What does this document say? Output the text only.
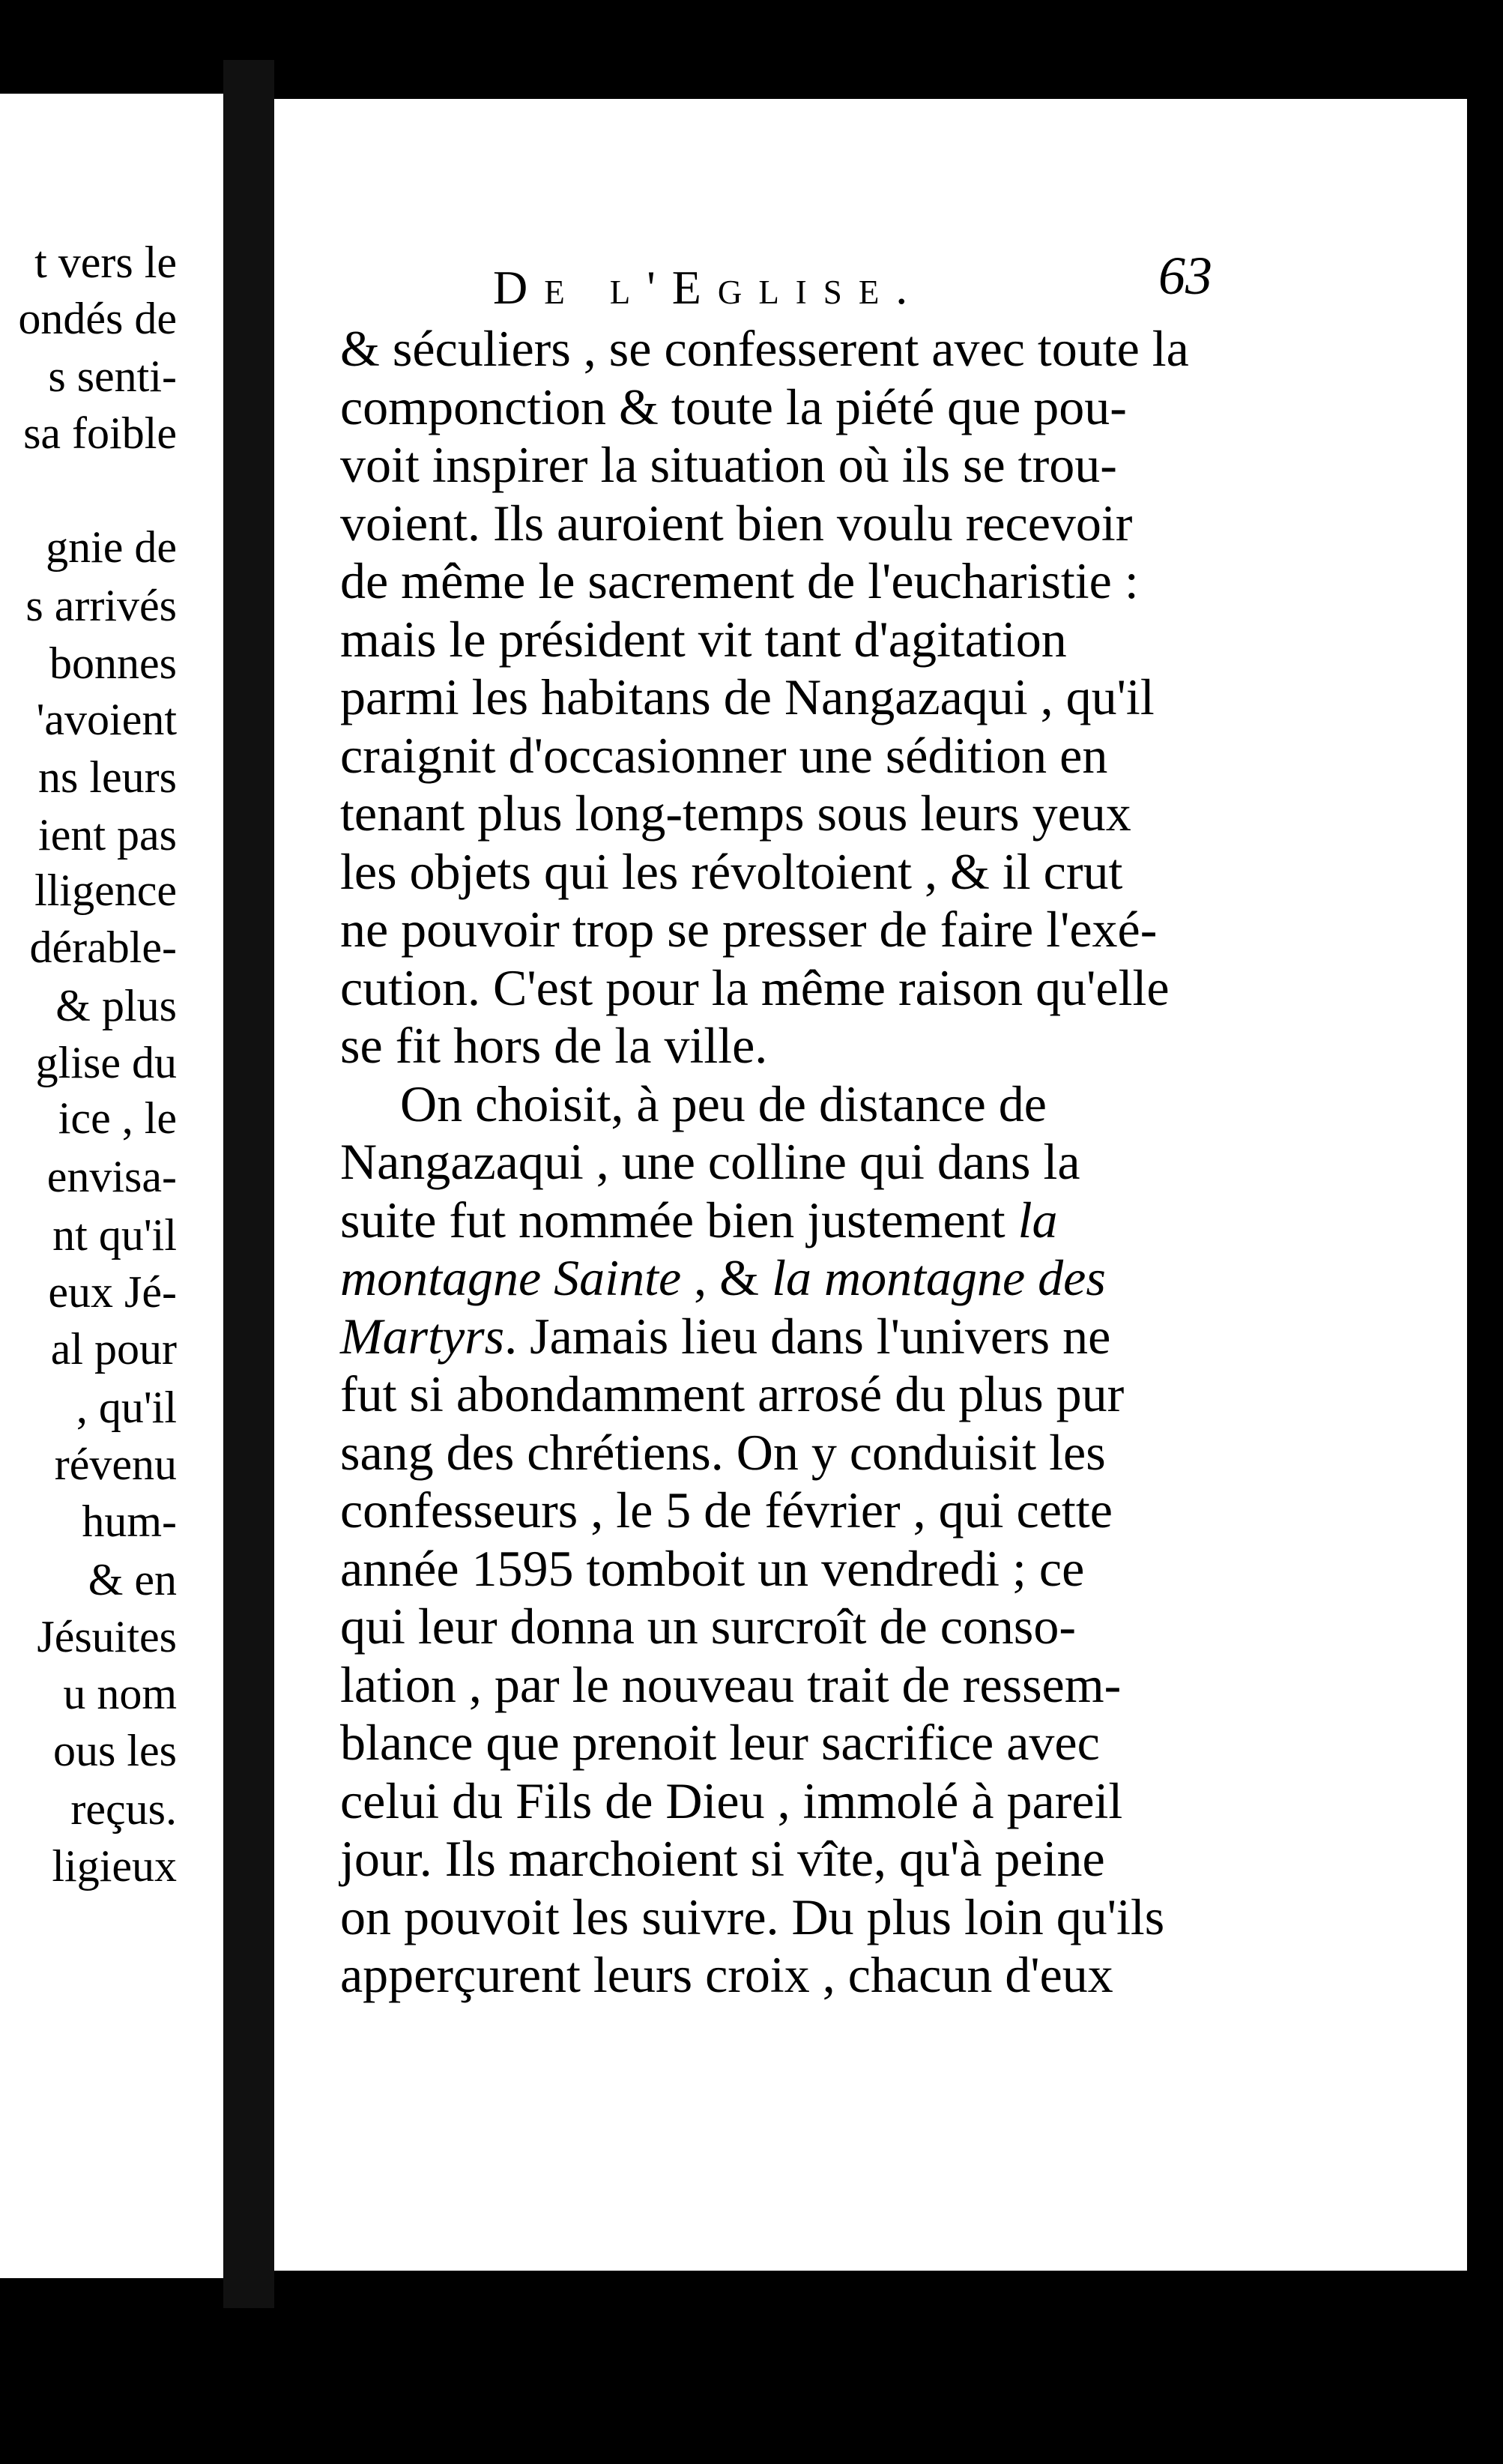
t vers le
ondés de
s senti-
sa foible
gnie de
s arrivés
bonnes
'avoient
ns leurs
ient pas
lligence
dérable-
& plus
glise du
ice , le
envisa-
nt qu'il
eux Jé-
al pour
, qu'il
révenu
hum-
& en
Jésuites
u nom
ous les
reçus.
ligieux
De l'Eglise.	63
& séculiers , se confesserent avec toute la
componction & toute la piété que pou-
voit inspirer la situation où ils se trou-
voient. Ils auroient bien voulu recevoir
de même le sacrement de l'eucharistie :
mais le président vit tant d'agitation
parmi les habitans de Nangazaqui , qu'il
craignit d'occasionner une sédition en
tenant plus long-temps sous leurs yeux
les objets qui les révoltoient , & il crut
ne pouvoir trop se presser de faire l'exé-
cution. C'est pour la même raison qu'elle
se fit hors de la ville.
On choisit, à peu de distance de
Nangazaqui , une colline qui dans la
suite fut nommée bien justement la
montagne Sainte , & la montagne des
Martyrs. Jamais lieu dans l'univers ne
fut si abondamment arrosé du plus pur
sang des chrétiens. On y conduisit les
confesseurs , le 5 de février , qui cette
année 1595 tomboit un vendredi ; ce
qui leur donna un surcroît de conso-
lation , par le nouveau trait de ressem-
blance que prenoit leur sacrifice avec
celui du Fils de Dieu , immolé à pareil
jour. Ils marchoient si vîte, qu'à peine
on pouvoit les suivre. Du plus loin qu'ils
apperçurent leurs croix , chacun d'eux
